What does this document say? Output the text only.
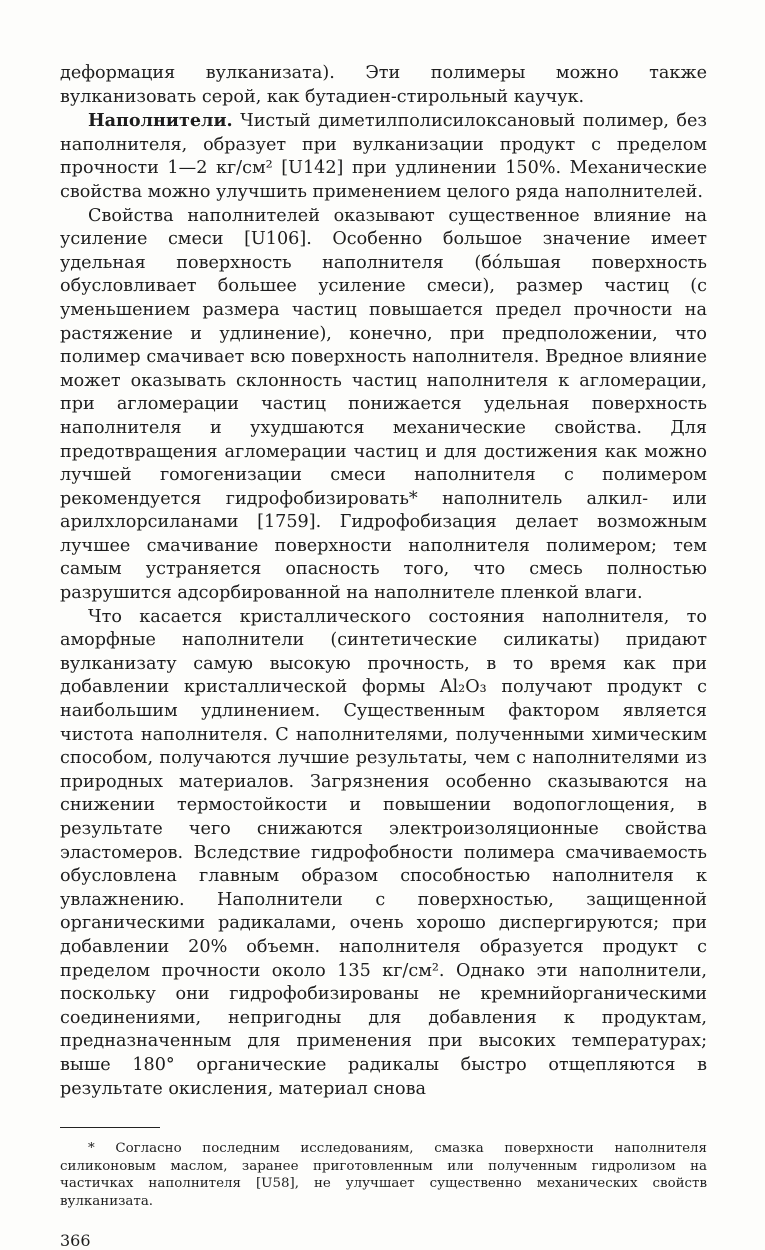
деформация вулканизата). Эти полимеры можно также вулканизовать серой, как бутадиен-стирольный каучук.

Наполнители. Чистый диметилполисилоксановый полимер, без наполнителя, образует при вулканизации продукт с пределом прочности 1—2 кг/см² [U142] при удлинении 150%. Механические свойства можно улучшить применением целого ряда наполнителей.

Свойства наполнителей оказывают существенное влияние на усиление смеси [U106]. Особенно большое значение имеет удельная поверхность наполнителя (бо́льшая поверхность обусловливает большее усиление смеси), размер частиц (с уменьшением размера частиц повышается предел прочности на растяжение и удлинение), конечно, при предположении, что полимер смачивает всю поверхность наполнителя. Вредное влияние может оказывать склонность частиц наполнителя к агломерации, при агломерации частиц понижается удельная поверхность наполнителя и ухудшаются механические свойства. Для предотвращения агломерации частиц и для достижения как можно лучшей гомогенизации смеси наполнителя с полимером рекомендуется гидрофобизировать* наполнитель алкил- или арилхлорсиланами [1759]. Гидрофобизация делает возможным лучшее смачивание поверхности наполнителя полимером; тем самым устраняется опасность того, что смесь полностью разрушится адсорбированной на наполнителе пленкой влаги.

Что касается кристаллического состояния наполнителя, то аморфные наполнители (синтетические силикаты) придают вулканизату самую высокую прочность, в то время как при добавлении кристаллической формы Al₂O₃ получают продукт с наибольшим удлинением. Существенным фактором является чистота наполнителя. С наполнителями, полученными химическим способом, получаются лучшие результаты, чем с наполнителями из природных материалов. Загрязнения особенно сказываются на снижении термостойкости и повышении водопоглощения, в результате чего снижаются электроизоляционные свойства эластомеров. Вследствие гидрофобности полимера смачиваемость обусловлена главным образом способностью наполнителя к увлажнению. Наполнители с поверхностью, защищенной органическими радикалами, очень хорошо диспергируются; при добавлении 20% объемн. наполнителя образуется продукт с пределом прочности около 135 кг/см². Однако эти наполнители, поскольку они гидрофобизированы не кремнийорганическими соединениями, непригодны для добавления к продуктам, предназначенным для применения при высоких температурах; выше 180° органические радикалы быстро отщепляются в результате окисления, материал снова

* Согласно последним исследованиям, смазка поверхности наполнителя силиконовым маслом, заранее приготовленным или полученным гидролизом на частичках наполнителя [U58], не улучшает существенно механических свойств вулканизата.

366
